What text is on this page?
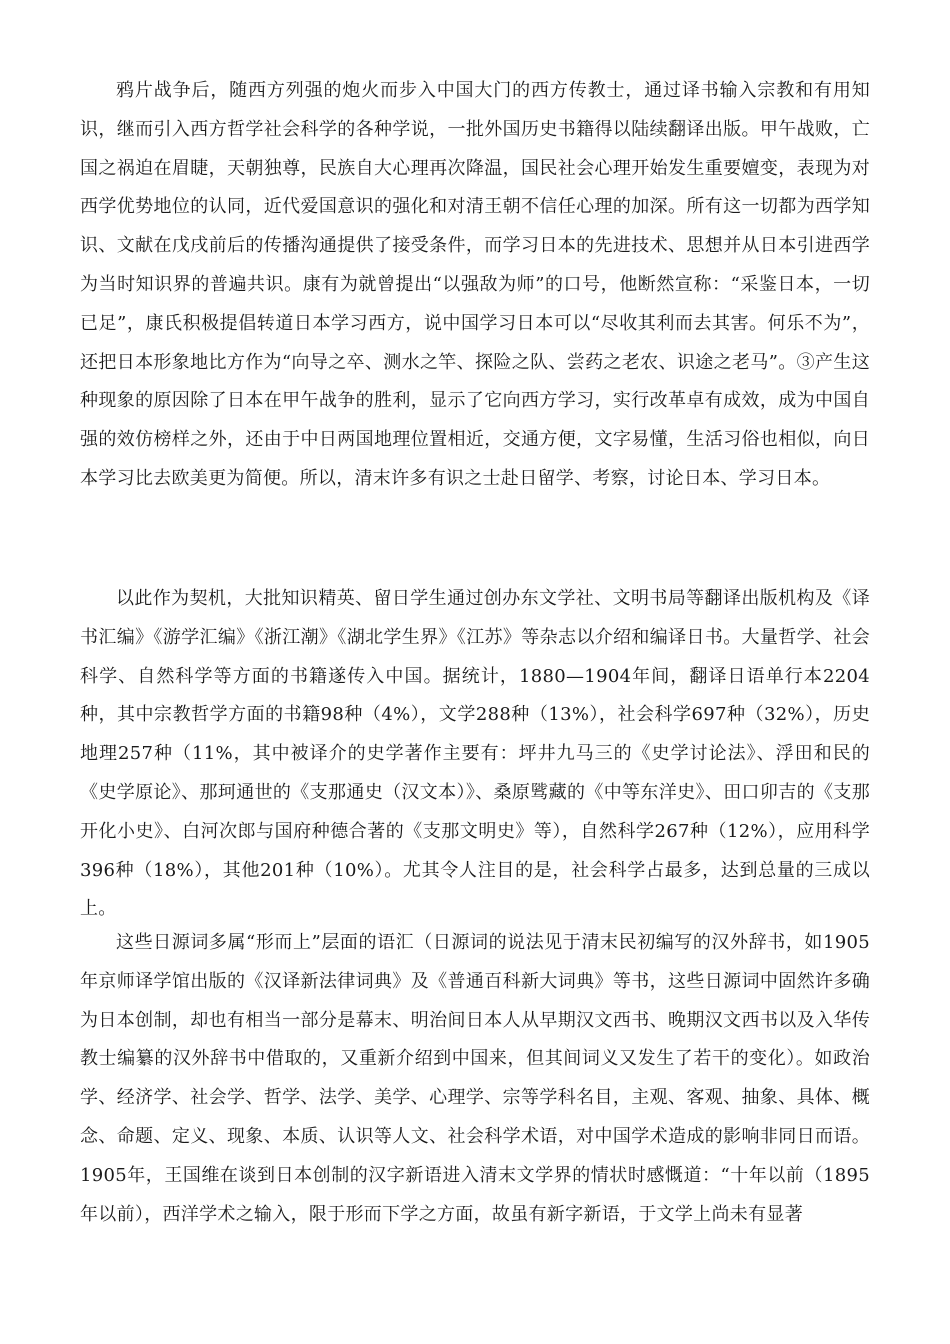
鸦片战争后，随西方列强的炮火而步入中国大门的西方传教士，通过译书输入宗教和有用知识，继而引入西方哲学社会科学的各种学说，一批外国历史书籍得以陆续翻译出版。甲午战败，亡国之祸迫在眉睫，天朝独尊，民族自大心理再次降温，国民社会心理开始发生重要嬗变，表现为对西学优势地位的认同，近代爱国意识的强化和对清王朝不信任心理的加深。所有这一切都为西学知识、文献在戊戌前后的传播沟通提供了接受条件，而学习日本的先进技术、思想并从日本引进西学为当时知识界的普遍共识。康有为就曾提出“以强敌为师”的口号，他断然宣称：“采鉴日本，一切已足”，康氏积极提倡转道日本学习西方，说中国学习日本可以“尽收其利而去其害。何乐不为”，还把日本形象地比方作为“向导之卒、测水之竿、探险之队、尝药之老农、识途之老马”。③产生这种现象的原因除了日本在甲午战争的胜利，显示了它向西方学习，实行改革卓有成效，成为中国自强的效仿榜样之外，还由于中日两国地理位置相近，交通方便，文字易懂，生活习俗也相似，向日本学习比去欧美更为简便。所以，清末许多有识之士赴日留学、考察，讨论日本、学习日本。

以此作为契机，大批知识精英、留日学生通过创办东文学社、文明书局等翻译出版机构及《译书汇编》《游学汇编》《浙江潮》《湖北学生界》《江苏》等杂志以介绍和编译日书。大量哲学、社会科学、自然科学等方面的书籍遂传入中国。据统计，1880—1904年间，翻译日语单行本2204种，其中宗教哲学方面的书籍98种（4%），文学288种（13%），社会科学697种（32%），历史地理257种（11%，其中被译介的史学著作主要有：坪井九马三的《史学讨论法》、浮田和民的《史学原论》、那珂通世的《支那通史（汉文本）》、桑原骘藏的《中等东洋史》、田口卯吉的《支那开化小史》、白河次郎与国府种德合著的《支那文明史》等），自然科学267种（12%），应用科学396种（18%），其他201种（10%）。尤其令人注目的是，社会科学占最多，达到总量的三成以上。

这些日源词多属“形而上”层面的语汇（日源词的说法见于清末民初编写的汉外辞书，如1905年京师译学馆出版的《汉译新法律词典》及《普通百科新大词典》等书，这些日源词中固然许多确为日本创制，却也有相当一部分是幕末、明治间日本人从早期汉文西书、晚期汉文西书以及入华传教士编纂的汉外辞书中借取的，又重新介绍到中国来，但其间词义又发生了若干的变化）。如政治学、经济学、社会学、哲学、法学、美学、心理学、宗等学科名目，主观、客观、抽象、具体、概念、命题、定义、现象、本质、认识等人文、社会科学术语，对中国学术造成的影响非同日而语。1905年，王国维在谈到日本创制的汉字新语进入清末文学界的情状时感慨道：“十年以前（1895年以前），西洋学术之输入，限于形而下学之方面，故虽有新字新语，于文学上尚未有显著
